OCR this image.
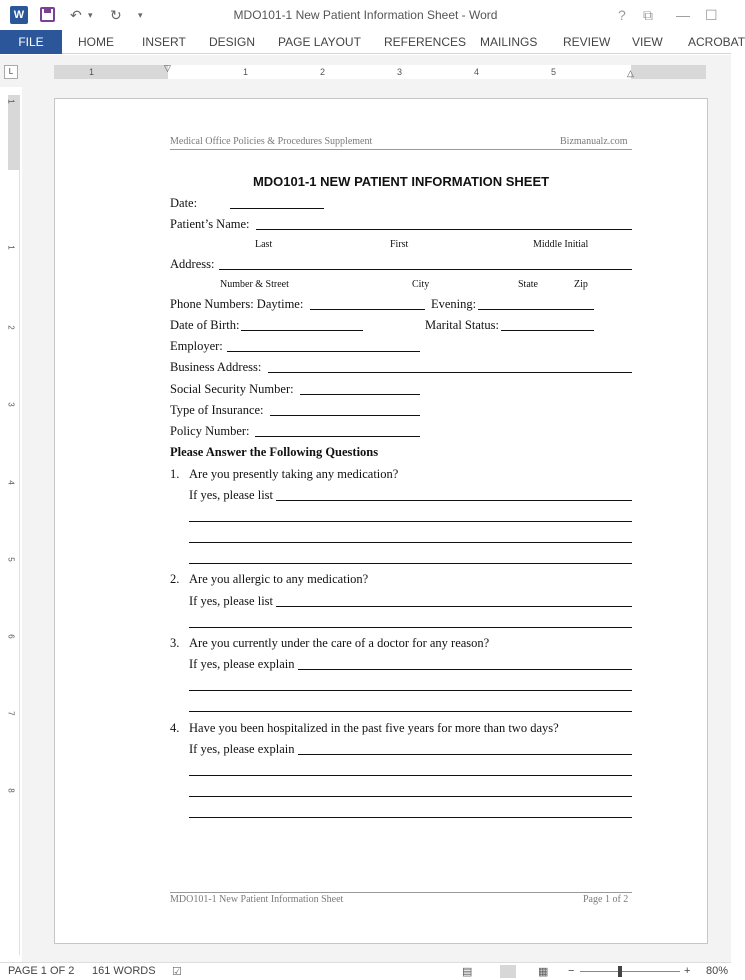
W	↶ ▾ ↻ ▾	MDO101-1 New Patient Information Sheet - Word	? ⧉ — ☐
FILE	HOME INSERT DESIGN PAGE LAYOUT REFERENCES MAILINGS REVIEW VIEW ACROBAT
L	1	1	2	3	4	5
▽	△
1
1
2
3
4
5
6
7
8
Medical Office Policies & Procedures Supplement	Bizmanualz.com
MDO101-1 NEW PATIENT INFORMATION SHEET
Date:
Patient’s Name:
Last	First	Middle Initial
Address:
Number & Street	City	State	Zip
Phone Numbers: Daytime:	Evening:
Date of Birth:	Marital Status:
Employer:
Business Address:
Social Security Number:
Type of Insurance:
Policy Number:
Please Answer the Following Questions
1. Are you presently taking any medication?
If yes, please list
2. Are you allergic to any medication?
If yes, please list
3. Are you currently under the care of a doctor for any reason?
If yes, please explain
4. Have you been hospitalized in the past five years for more than two days?
If yes, please explain
MDO101-1 New Patient Information Sheet	Page 1 of 2
PAGE 1 OF 2 161 WORDS ☑	▤	▦ −	+ 80%
